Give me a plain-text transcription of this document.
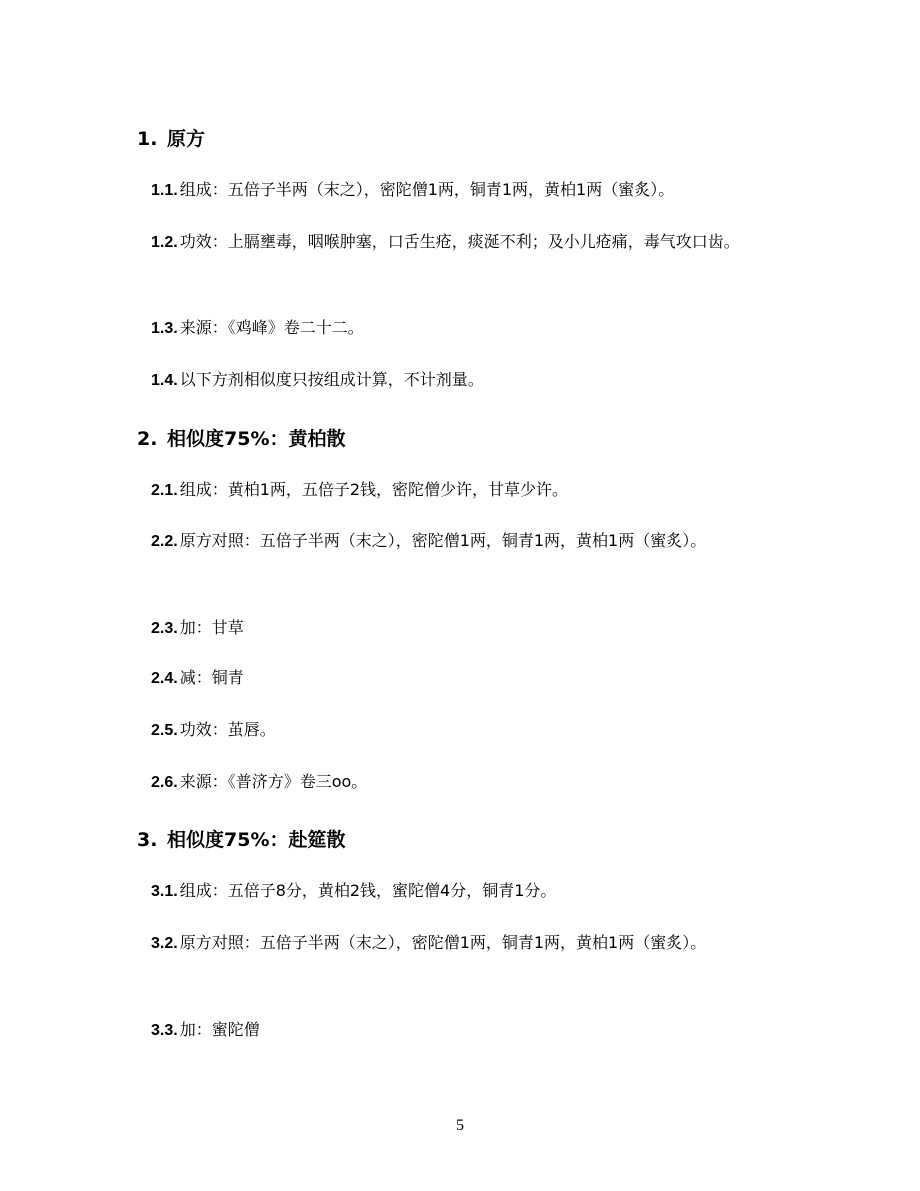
1. 原方
1.1. 组成：五倍子半两（末之），密陀僧1两，铜青1两，黄柏1两（蜜炙）。
1.2. 功效：上膈壅毒，咽喉肿塞，口舌生疮，痰涎不利；及小儿疮痛，毒气攻口齿。
1.3. 来源：《鸡峰》卷二十二。
1.4. 以下方剂相似度只按组成计算，不计剂量。
2. 相似度75%：黄柏散
2.1. 组成：黄柏1两，五倍子2钱，密陀僧少许，甘草少许。
2.2. 原方对照：五倍子半两（末之），密陀僧1两，铜青1两，黄柏1两（蜜炙）。
2.3. 加：甘草
2.4. 减：铜青
2.5. 功效：茧唇。
2.6. 来源：《普济方》卷三oo。
3. 相似度75%：赴筵散
3.1. 组成：五倍子8分，黄柏2钱，蜜陀僧4分，铜青1分。
3.2. 原方对照：五倍子半两（末之），密陀僧1两，铜青1两，黄柏1两（蜜炙）。
3.3. 加：蜜陀僧
5
